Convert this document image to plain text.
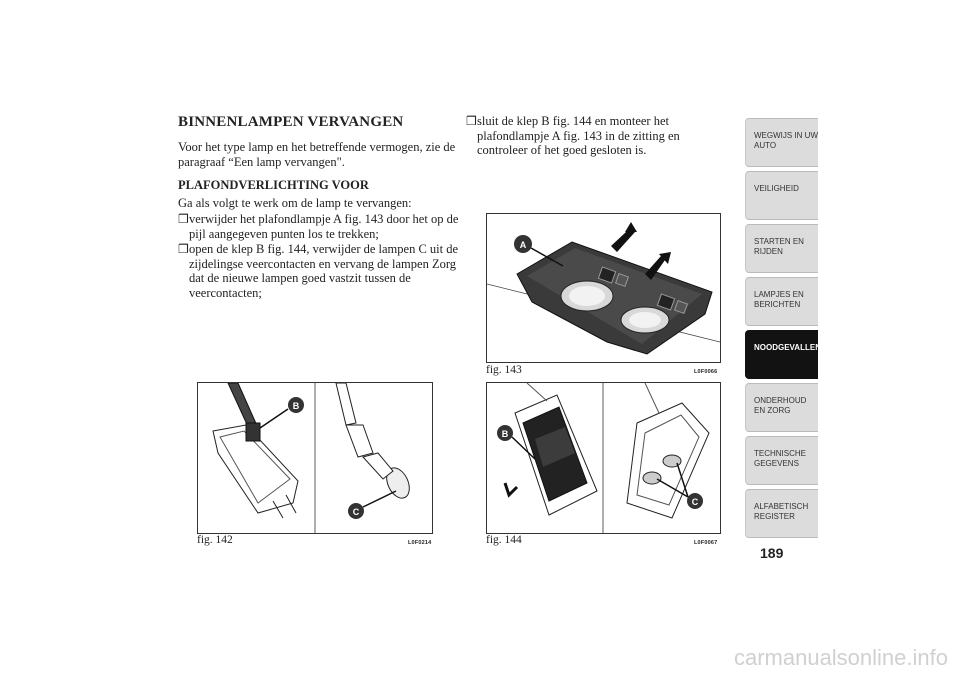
BINNENLAMPEN VERVANGEN
Voor het type lamp en het betreffende vermogen, zie de paragraaf “Een lamp vervangen".
PLAFONDVERLICHTING VOOR
Ga als volgt te werk om de lamp te vervangen:
❒ verwijder het plafondlampje A fig. 143 door het op de pijl aangegeven punten los te trekken;
❒ open de klep B fig. 144, verwijder de lampen C uit de zijdelingse veercontacten en vervang de lampen Zorg dat de nieuwe lampen goed vastzit tussen de veercontacten;
❒ sluit de klep B fig. 144 en monteer het plafondlampje A fig. 143 in de zitting en controleer of het goed gesloten is.
A
fig. 143	L0F0066
B
C
fig. 142	L0F0214
B
C
fig. 144	L0F0067
WEGWIJS IN UW AUTO
VEILIGHEID
STARTEN EN RIJDEN
LAMPJES EN BERICHTEN
NOODGEVALLEN
ONDERHOUD EN ZORG
TECHNISCHE GEGEVENS
ALFABETISCH REGISTER
189
carmanualsonline.info
